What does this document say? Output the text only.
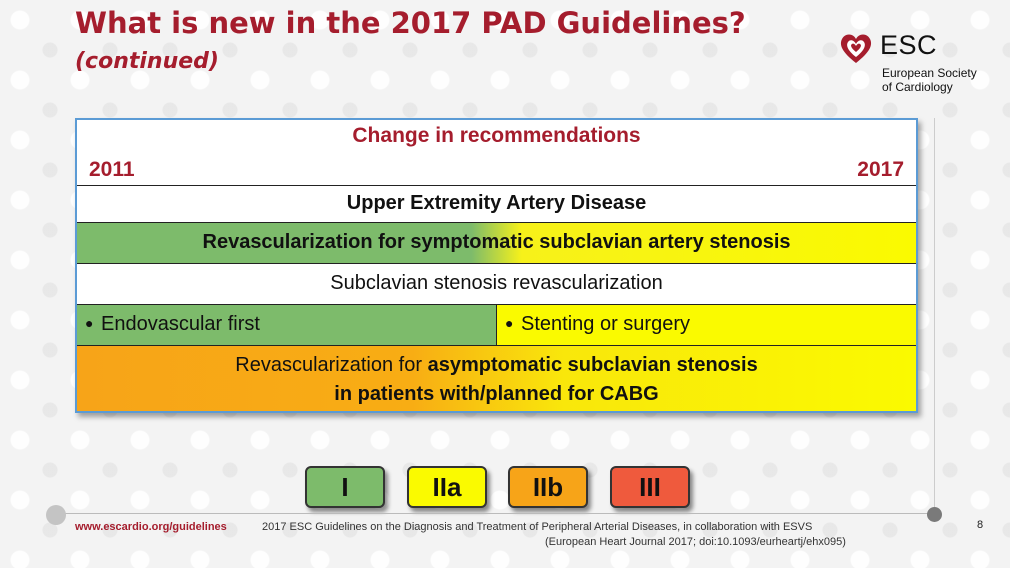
What is new in the 2017 PAD Guidelines?
(continued)
ESC
European Society
of Cardiology
Change in recommendations
2011	2017
Upper Extremity Artery Disease
Revascularization for symptomatic subclavian artery stenosis
Subclavian stenosis revascularization
● Endovascular first	● Stenting or surgery
Revascularization for asymptomatic subclavian stenosis
in patients with/planned for CABG
I	IIa	IIb	III
www.escardio.org/guidelines	2017 ESC Guidelines on the Diagnosis and Treatment of Peripheral Arterial Diseases, in collaboration with ESVS
(European Heart Journal 2017; doi:10.1093/eurheartj/ehx095)
8
